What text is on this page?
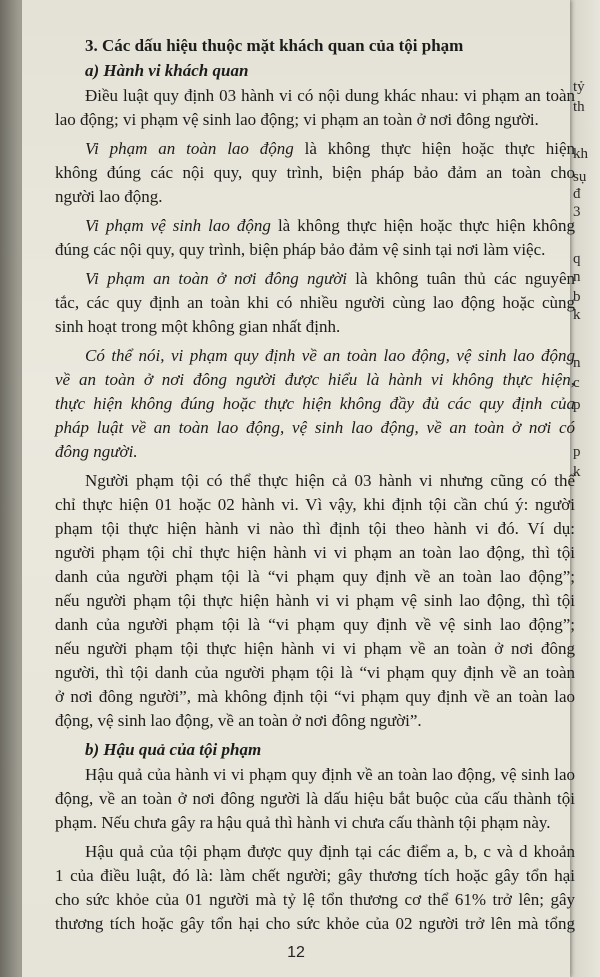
tỷ
th
kh
sụ
đ
3
q
n
b
k
n
c
p
p
k
3. Các dấu hiệu thuộc mặt khách quan của tội phạm
a) Hành vi khách quan

Điều luật quy định 03 hành vi có nội dung khác nhau: vi phạm an toàn
lao động; vi phạm vệ sinh lao động; vi phạm an toàn ở nơi đông người.

Vi phạm an toàn lao động là không thực hiện hoặc thực hiện
không đúng các nội quy, quy trình, biện pháp bảo đảm an toàn cho
người lao động.

Vi phạm vệ sinh lao động là không thực hiện hoặc thực hiện không
đúng các nội quy, quy trình, biện pháp bảo đảm vệ sinh tại nơi làm việc.

Vi phạm an toàn ở nơi đông người là không tuân thủ các nguyên
tắc, các quy định an toàn khi có nhiều người cùng lao động hoặc cùng
sinh hoạt trong một không gian nhất định.

Có thể nói, vi phạm quy định về an toàn lao động, vệ sinh lao động
về an toàn ở nơi đông người được hiểu là hành vi không thực hiện,
thực hiện không đúng hoặc thực hiện không đầy đủ các quy định của
pháp luật về an toàn lao động, vệ sinh lao động, về an toàn ở nơi có
đông người.

Người phạm tội có thể thực hiện cả 03 hành vi nhưng cũng có thể
chỉ thực hiện 01 hoặc 02 hành vi. Vì vậy, khi định tội cần chú ý: người
phạm tội thực hiện hành vi nào thì định tội theo hành vi đó. Ví dụ:
người phạm tội chỉ thực hiện hành vi vi phạm an toàn lao động, thì tội
danh của người phạm tội là “vi phạm quy định về an toàn lao động”;
nếu người phạm tội thực hiện hành vi vi phạm vệ sinh lao động, thì tội
danh của người phạm tội là “vi phạm quy định về vệ sinh lao động”;
nếu người phạm tội thực hiện hành vi vi phạm về an toàn ở nơi đông
người, thì tội danh của người phạm tội là “vi phạm quy định về an toàn
ở nơi đông người”, mà không định tội “vi phạm quy định về an toàn lao
động, vệ sinh lao động, về an toàn ở nơi đông người”.

b) Hậu quả của tội phạm

Hậu quả của hành vi vi phạm quy định về an toàn lao động, vệ sinh lao
động, về an toàn ở nơi đông người là dấu hiệu bắt buộc của cấu thành tội
phạm. Nếu chưa gây ra hậu quả thì hành vi chưa cấu thành tội phạm này.

Hậu quả của tội phạm được quy định tại các điểm a, b, c và d khoản
1 của điều luật, đó là: làm chết người; gây thương tích hoặc gây tổn hại
cho sức khỏe của 01 người mà tỷ lệ tổn thương cơ thể 61% trở lên; gây
thương tích hoặc gây tổn hại cho sức khỏe của 02 người trở lên mà tổng

12
